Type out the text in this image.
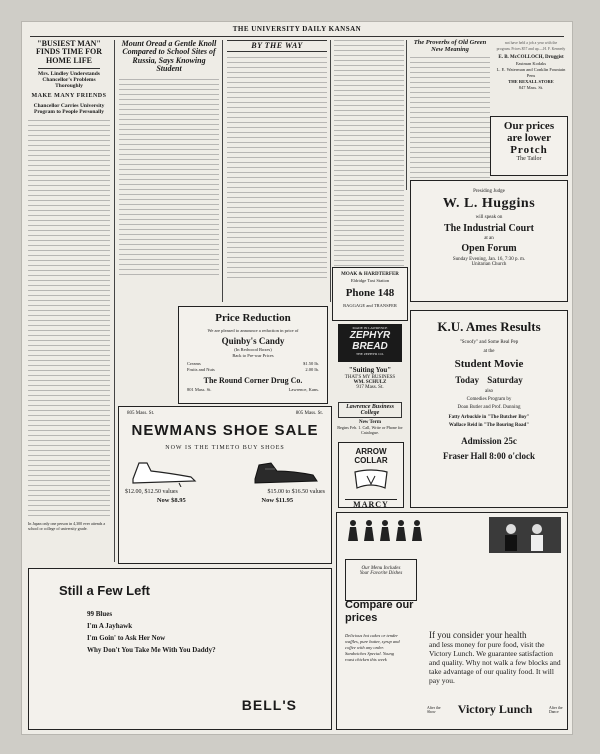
THE UNIVERSITY DAILY KANSAN
"BUSIEST MAN" FINDS TIME FOR HOME LIFE
Mrs. Lindley Understands Chancellor's Problems Thoroughly
MAKE MANY FRIENDS
Chancellor Carries University Program to People Personally
In Japan only one person in 4,300 ever attends a school or college of university grade.
Mount Oread a Gentle Knoll Compared to School Sites of Russia, Says Knowing Student
BY THE WAY	The Proverbs of Old Green New Meaning
not have held a job a year with the
program. Prices $57 and up.—H. F. Kennedy
E. B. McCOLLOCH, Druggist
Eastman Kodaks
L. E. Waterman and Conklin Fountain Pens
THE REXALL STORE
847 Mass. St.
Our prices
are lower
Protch
The Tailor
Presiding Judge
W. L. Huggins
will speak on
The Industrial Court
at an
Open Forum
Sunday Evening, Jan. 16, 7:30 p. m.
Unitarian Church
K.U. Ames Results
"Scoofy" and Some Real Pep
at the
Student Movie
Today Saturday
also
Comedies Program by
Doan Butler and Prof. Dunning
Fatty Arbuckle in "The Butcher Boy"
Wallace Reid in "The Bouring Road"
Admission 25c
Fraser Hall 8:00 o'clock
Price Reduction
We are pleased to announce a reduction in price of
Quinby's Candy
(In Redwood Boxes)
Back to Pre-war Prices
Creams	$1.50 lb.
Fruits and Nuts	2.00 lb.
The Round Corner Drug Co.
801 Mass. St.	Lawrence, Kans.
MOAK & HARDTERFER
Eldridge Taxi Station
Phone 148
BAGGAGE and TRANSFER
MADE IN LAWRENCE
ZEPHYR BREAD
THE ZEPHYR CO.
"Suiting You"
THAT'S MY BUSINESS
WM. SCHULZ
917 Mass. St.
Lawrence Business College
New Term
Begins Feb. 1. Call, Write or Phone for Catalogue.
ARROW COLLAR
MARCY
805 Mass. St.	805 Mass. St.
NEWMANS SHOE SALE
NOW IS THE TIMETO BUY SHOES
$12.00, $12.50 values	$15.00 to $16.50 values
Now $8.95	Now $11.95
Still a Few Left
99 Blues
I'm A Jayhawk
I'm Goin' to Ask Her Now
Why Don't You Take Me With You Daddy?
BELL'S
Our Menu Includes
Your Favorite Dishes
Compare our prices
Delicious hot cakes or tender waffles, pure butter, syrup and coffee with any order. Sandwiches Special. Young roast chicken this week
If you consider your health
and less money for pure food, visit the Victory Lunch. We guarantee satisfaction and quality. Why not walk a few blocks and take advantage of our quality food. It will pay you.
After the Show	Victory Lunch	After the Dance
